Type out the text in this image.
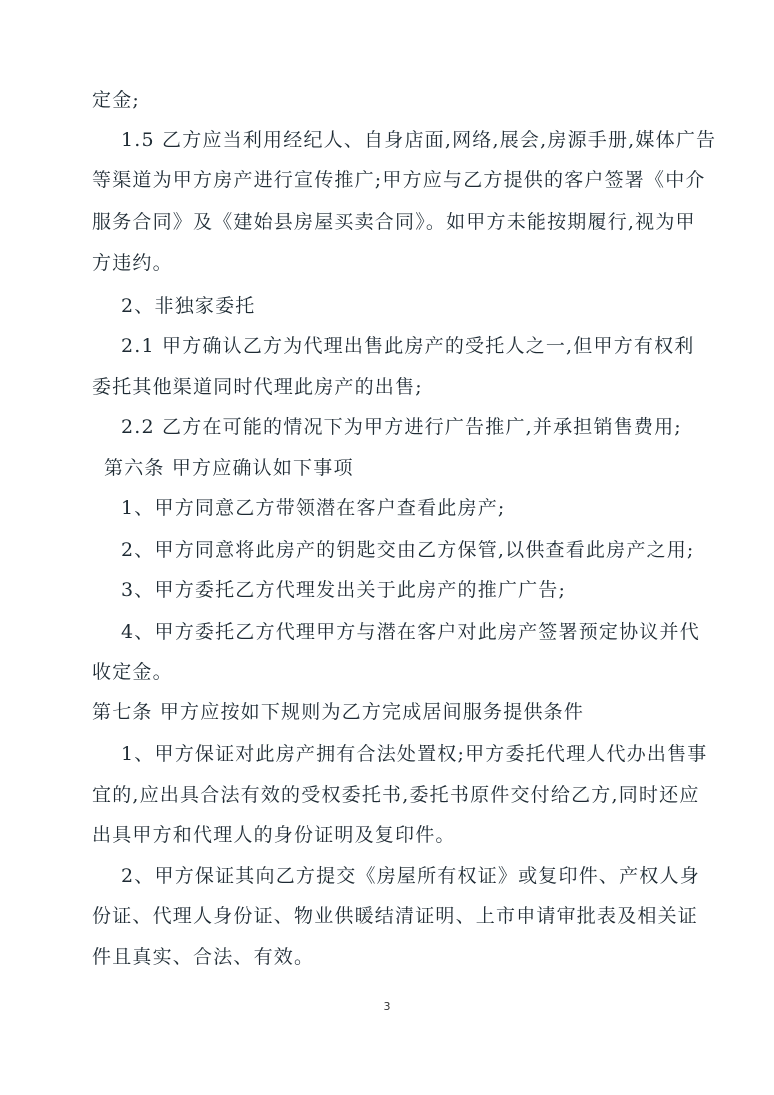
定金;
1.5 乙方应当利用经纪人、自身店面,网络,展会,房源手册,媒体广告
等渠道为甲方房产进行宣传推广;甲方应与乙方提供的客户签署《中介
服务合同》及《建始县房屋买卖合同》。如甲方未能按期履行,视为甲
方违约。
2、非独家委托
2.1 甲方确认乙方为代理出售此房产的受托人之一,但甲方有权利
委托其他渠道同时代理此房产的出售;
2.2 乙方在可能的情况下为甲方进行广告推广,并承担销售费用;
第六条 甲方应确认如下事项
1、甲方同意乙方带领潜在客户查看此房产;
2、甲方同意将此房产的钥匙交由乙方保管,以供查看此房产之用;
3、甲方委托乙方代理发出关于此房产的推广广告;
4、甲方委托乙方代理甲方与潜在客户对此房产签署预定协议并代
收定金。
第七条 甲方应按如下规则为乙方完成居间服务提供条件
1、甲方保证对此房产拥有合法处置权;甲方委托代理人代办出售事
宜的,应出具合法有效的受权委托书,委托书原件交付给乙方,同时还应
出具甲方和代理人的身份证明及复印件。
2、甲方保证其向乙方提交《房屋所有权证》或复印件、产权人身
份证、代理人身份证、物业供暖结清证明、上市申请审批表及相关证
件且真实、合法、有效。
3
